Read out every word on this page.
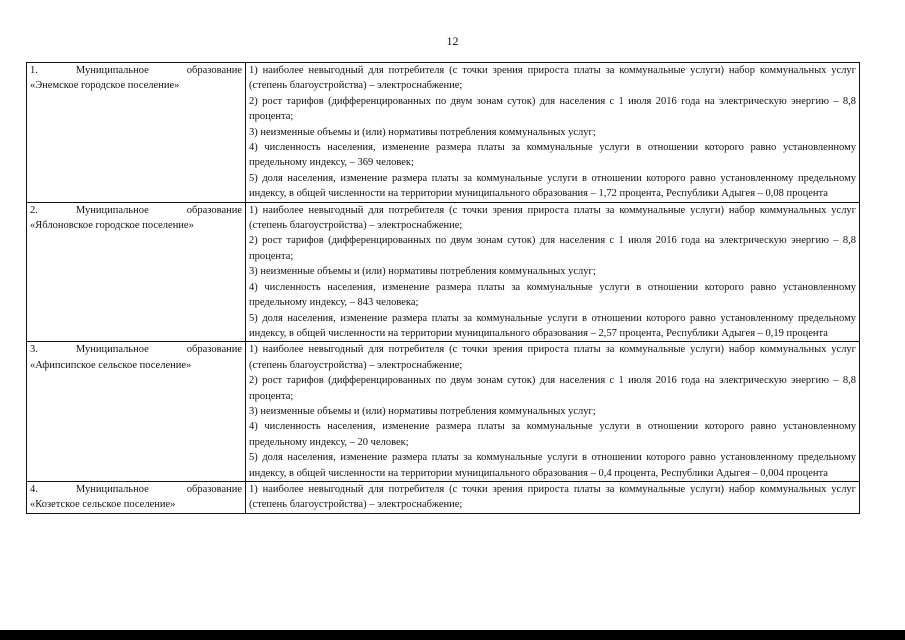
12
1.     Муниципальное     образование
«Энемское городское поселение»	1) наиболее невыгодный для потребителя (с точки зрения прироста платы за коммунальные услуги) набор коммунальных услуг (степень благоустройства) – электроснабжение;
2) рост тарифов (дифференцированных по двум зонам суток) для населения с 1 июля 2016 года на электрическую энергию – 8,8 процента;
3) неизменные объемы и (или) нормативы потребления коммунальных услуг;
4) численность населения, изменение размера платы за коммунальные услуги в отношении которого равно установленному предельному индексу, – 369 человек;
5) доля населения, изменение размера платы за коммунальные услуги в отношении которого равно установленному предельному индексу, в общей численности на территории муниципального образования – 1,72 процента, Республики Адыгея – 0,08 процента

2.     Муниципальное     образование
«Яблоновское городское поселение»	1) наиболее невыгодный для потребителя (с точки зрения прироста платы за коммунальные услуги) набор коммунальных услуг (степень благоустройства) – электроснабжение;
2) рост тарифов (дифференцированных по двум зонам суток) для населения с 1 июля 2016 года на электрическую энергию – 8,8 процента;
3) неизменные объемы и (или) нормативы потребления коммунальных услуг;
4) численность населения, изменение размера платы за коммунальные услуги в отношении которого равно установленному предельному индексу, – 843 человека;
5) доля населения, изменение размера платы за коммунальные услуги в отношении которого равно установленному предельному индексу, в общей численности на территории муниципального образования – 2,57 процента, Республики Адыгея – 0,19 процента

3.     Муниципальное     образование
«Афипсипское сельское поселение»	1) наиболее невыгодный для потребителя (с точки зрения прироста платы за коммунальные услуги) набор коммунальных услуг (степень благоустройства) – электроснабжение;
2) рост тарифов (дифференцированных по двум зонам суток) для населения с 1 июля 2016 года на электрическую энергию – 8,8 процента;
3) неизменные объемы и (или) нормативы потребления коммунальных услуг;
4) численность населения, изменение размера платы за коммунальные услуги в отношении которого равно установленному предельному индексу, – 20 человек;
5) доля населения, изменение размера платы за коммунальные услуги в отношении которого равно установленному предельному индексу, в общей численности на территории муниципального образования – 0,4 процента, Республики Адыгея – 0,004 процента

4.     Муниципальное     образование
«Козетское сельское поселение»	1) наиболее невыгодный для потребителя (с точки зрения прироста платы за коммунальные услуги) набор коммунальных услуг (степень благоустройства) – электроснабжение;
